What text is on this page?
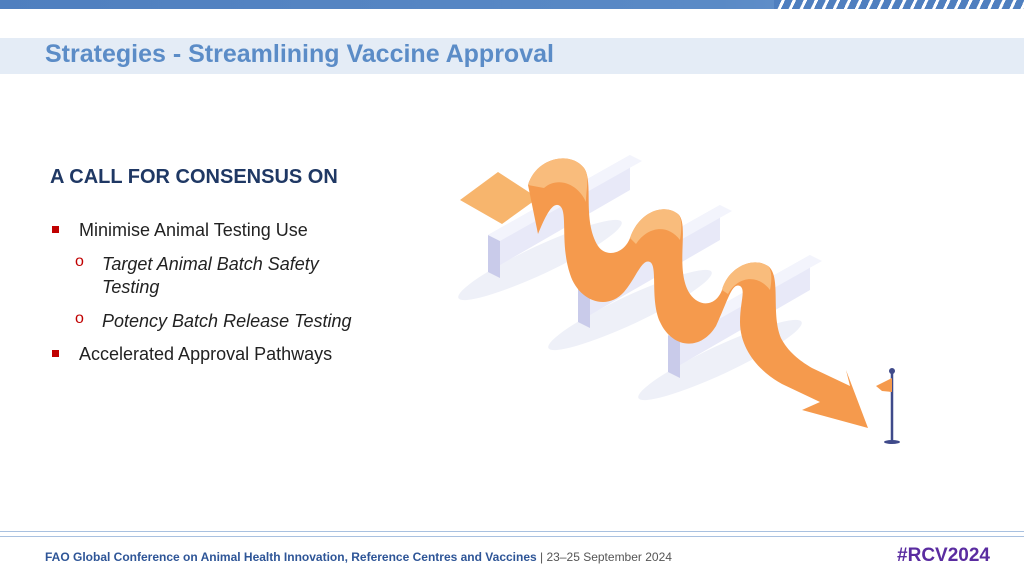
Strategies - Streamlining Vaccine Approval
A CALL FOR CONSENSUS ON
Minimise Animal Testing Use
o Target Animal Batch Safety Testing
o Potency Batch Release Testing
Accelerated Approval Pathways
FAO Global Conference on Animal Health Innovation, Reference Centres and Vaccines | 23–25 September 2024	#RCV2024
